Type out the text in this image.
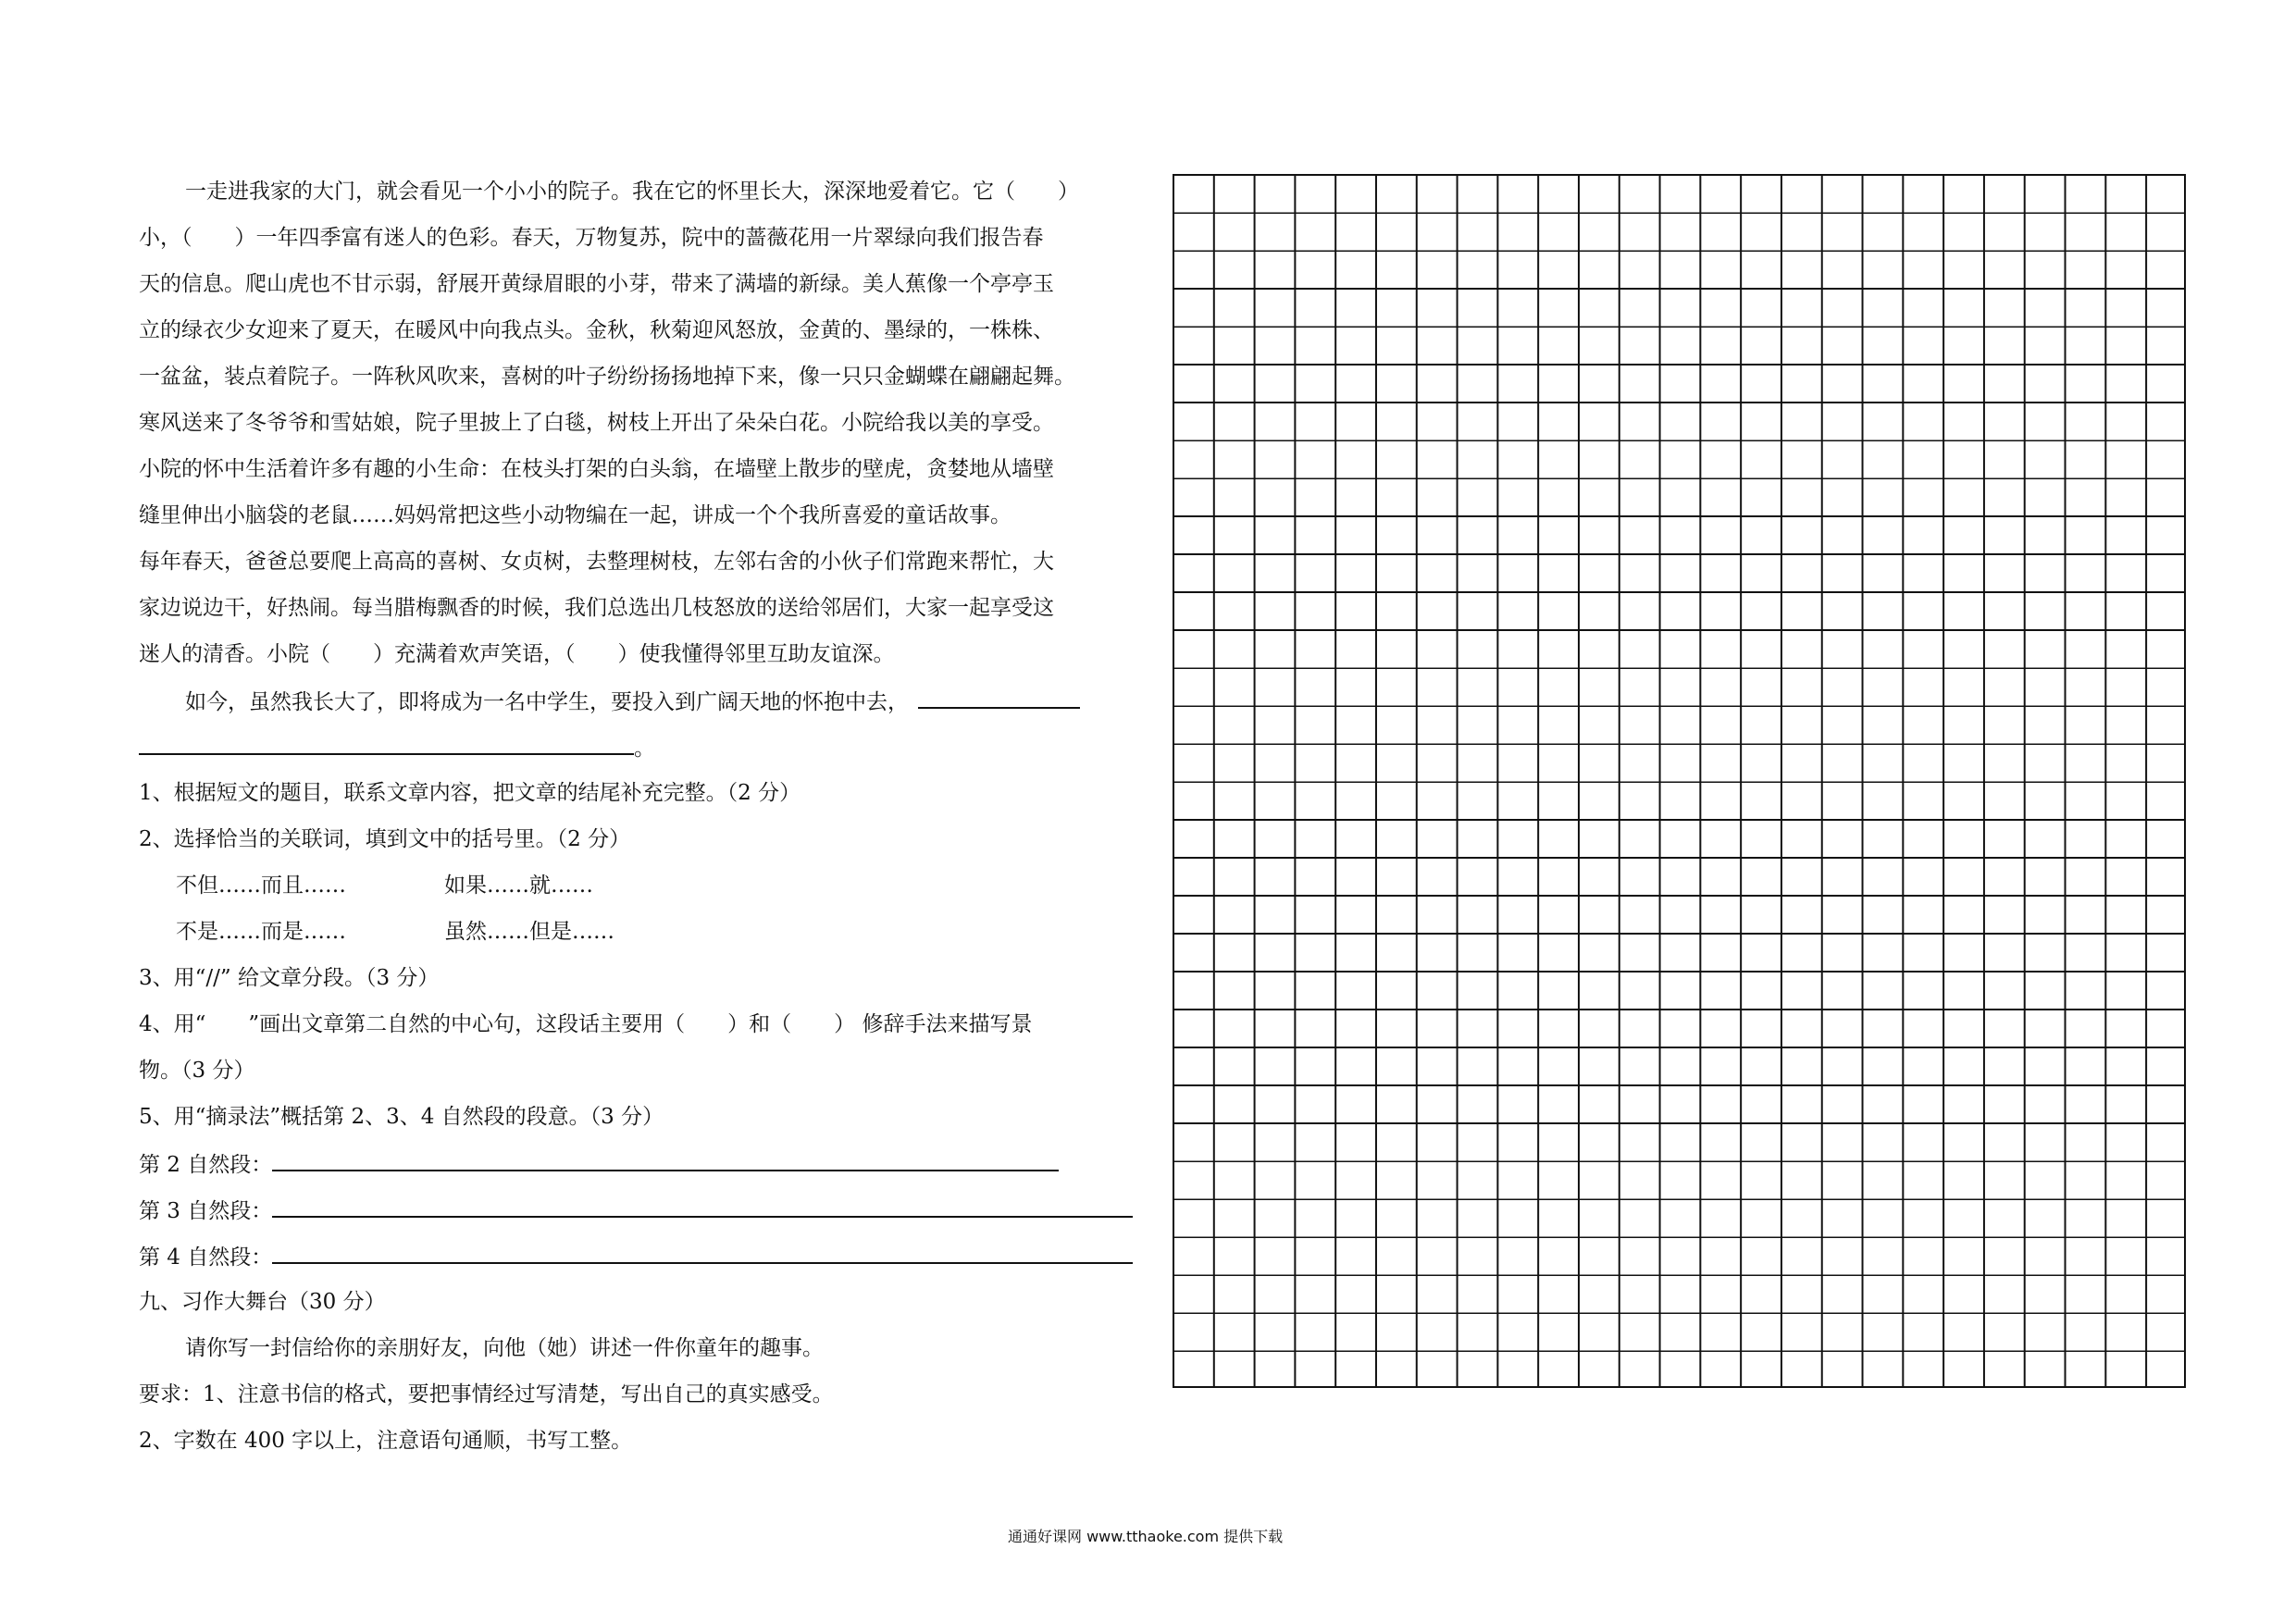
一走进我家的大门，就会看见一个小小的院子。我在它的怀里长大，深深地爱着它。它（　　）
小，（　　）一年四季富有迷人的色彩。春天，万物复苏，院中的蔷薇花用一片翠绿向我们报告春
天的信息。爬山虎也不甘示弱，舒展开黄绿眉眼的小芽，带来了满墙的新绿。美人蕉像一个亭亭玉
立的绿衣少女迎来了夏天，在暖风中向我点头。金秋，秋菊迎风怒放，金黄的、墨绿的，一株株、
一盆盆，装点着院子。一阵秋风吹来，喜树的叶子纷纷扬扬地掉下来，像一只只金蝴蝶在翩翩起舞。
寒风送来了冬爷爷和雪姑娘，院子里披上了白毯，树枝上开出了朵朵白花。小院给我以美的享受。
小院的怀中生活着许多有趣的小生命：在枝头打架的白头翁，在墙壁上散步的壁虎，贪婪地从墙壁
缝里伸出小脑袋的老鼠……妈妈常把这些小动物编在一起，讲成一个个我所喜爱的童话故事。
每年春天，爸爸总要爬上高高的喜树、女贞树，去整理树枝，左邻右舍的小伙子们常跑来帮忙，大
家边说边干，好热闹。每当腊梅飘香的时候，我们总选出几枝怒放的送给邻居们，大家一起享受这
迷人的清香。小院（　　）充满着欢声笑语，（　　）使我懂得邻里互助友谊深。
如今，虽然我长大了，即将成为一名中学生，要投入到广阔天地的怀抱中去，
。
1、根据短文的题目，联系文章内容，把文章的结尾补充完整。（2 分）
2、选择恰当的关联词，填到文中的括号里。（2 分）
不但……而且……	如果……就……
不是……而是……	虽然……但是……
3、用“//” 给文章分段。（3 分）
4、用“　　”画出文章第二自然的中心句，这段话主要用（　　）和（　　） 修辞手法来描写景
物。（3 分）
5、用“摘录法”概括第 2、3、4 自然段的段意。（3 分）
第 2 自然段：
第 3 自然段：
第 4 自然段：
九、习作大舞台（30 分）
请你写一封信给你的亲朋好友，向他（她）讲述一件你童年的趣事。
要求：1、注意书信的格式，要把事情经过写清楚，写出自己的真实感受。
2、字数在 400 字以上，注意语句通顺，书写工整。
通通好课网 www.tthaoke.com 提供下载
